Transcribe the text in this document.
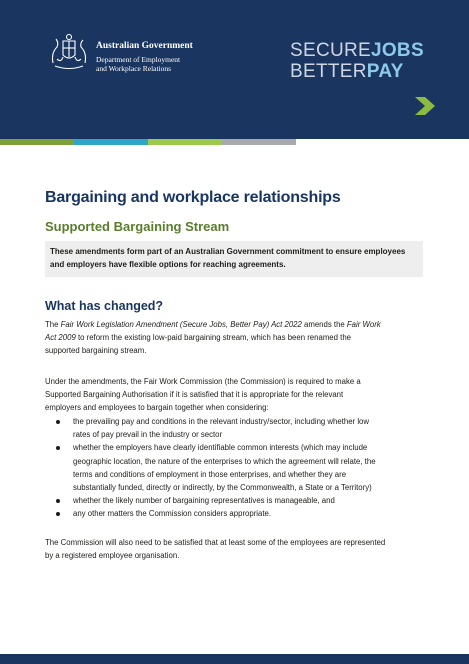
Australian Government
Department of Employment
and Workplace Relations
SECUREJOBS
BETTERPAY
Bargaining and workplace relationships
Supported Bargaining Stream
These amendments form part of an Australian Government commitment to ensure employees
and employers have flexible options for reaching agreements.
What has changed?
The Fair Work Legislation Amendment (Secure Jobs, Better Pay) Act 2022 amends the Fair Work
Act 2009 to reform the existing low-paid bargaining stream, which has been renamed the
supported bargaining stream.
Under the amendments, the Fair Work Commission (the Commission) is required to make a
Supported Bargaining Authorisation if it is satisfied that it is appropriate for the relevant
employers and employees to bargain together when considering:
the prevailing pay and conditions in the relevant industry/sector, including whether low
rates of pay prevail in the industry or sector
whether the employers have clearly identifiable common interests (which may include
geographic location, the nature of the enterprises to which the agreement will relate, the
terms and conditions of employment in those enterprises, and whether they are
substantially funded, directly or indirectly, by the Commonwealth, a State or a Territory)
whether the likely number of bargaining representatives is manageable, and
any other matters the Commission considers appropriate.
The Commission will also need to be satisfied that at least some of the employees are represented
by a registered employee organisation.
